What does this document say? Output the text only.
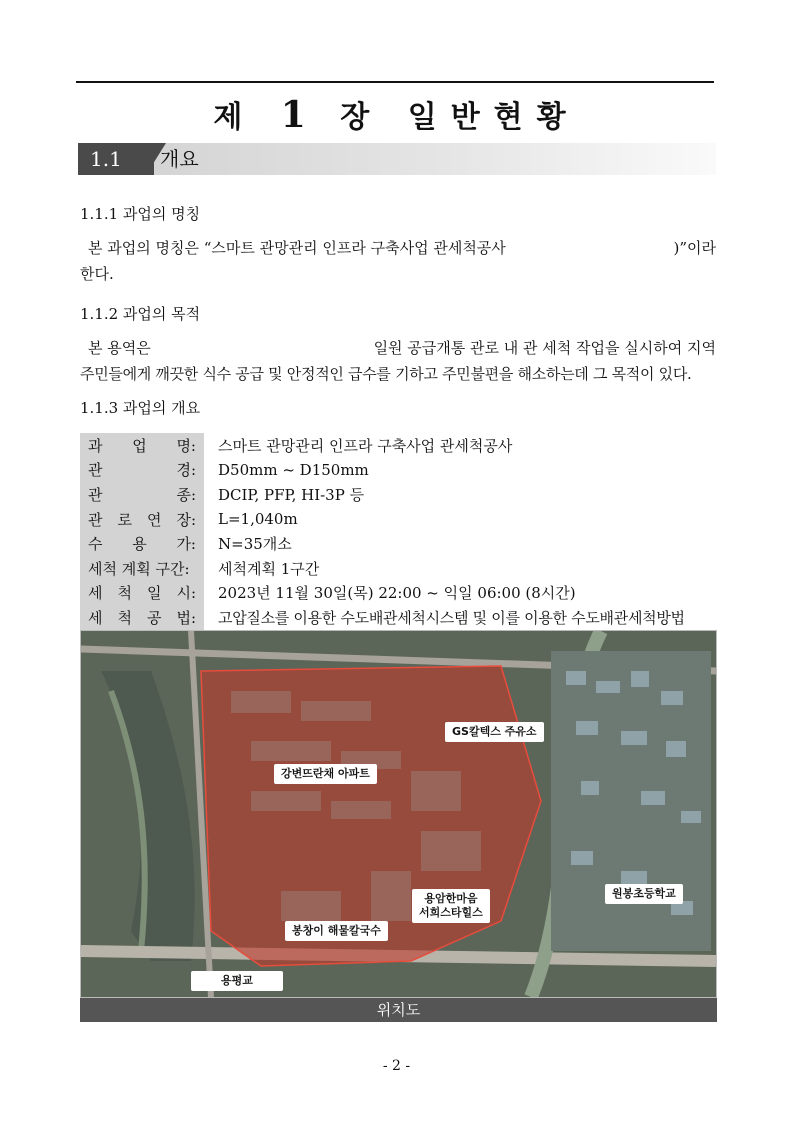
제 1 장 일반현황
1.1	개요
1.1.1 과업의 명칭
본 과업의 명칭은 “스마트 관망관리 인프라 구축사업 관세척공사	)”이라
한다.
1.1.2 과업의 목적
본 용역은	일원 공급개통 관로 내 관 세척 작업을 실시하여 지역
주민들에게 깨끗한 식수 공급 및 안정적인 급수를 기하고 주민불편을 해소하는데 그 목적이 있다.
1.1.3 과업의 개요
과 업 명:	스마트 관망관리 인프라 구축사업 관세척공사

관 경:	D50mm ~ D150mm

관 종:	DCIP, PFP, HI-3P 등

관 로 연 장:	L=1,040m

수 용 가:	N=35개소

세척 계획 구간:	세척계획 1구간

세 척 일 시:	2023년 11월 30일(목) 22:00 ~ 익일 06:00 (8시간)

세 척 공 법:	고압질소를 이용한 수도배관세척시스템 및 이를 이용한 수도배관세척방법
GS칼텍스 주유소
강변뜨란채 아파트
원봉초등학교
용암한마음
서희스타힐스
봉창이 해물칼국수
용평교
위치도
- 2 -
